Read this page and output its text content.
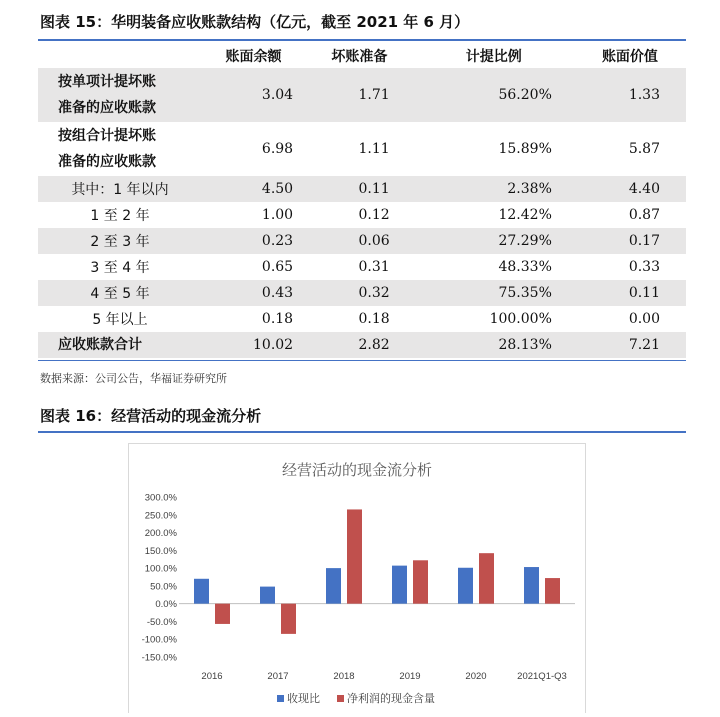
图表 15：华明装备应收账款结构（亿元，截至 2021 年 6 月）
	账面余额	坏账准备	计提比例	账面价值

按单项计提坏账
准备的应收账款	3.04	1.71	56.20%	1.33

按组合计提坏账
准备的应收账款	6.98	1.11	15.89%	5.87
其中：1 年以内	4.50	0.11	2.38%	4.40
1 至 2 年	1.00	0.12	12.42%	0.87
2 至 3 年	0.23	0.06	27.29%	0.17
3 至 4 年	0.65	0.31	48.33%	0.33
4 至 5 年	0.43	0.32	75.35%	0.11
5 年以上	0.18	0.18	100.00%	0.00

应收账款合计	10.02	2.82	28.13%	7.21
数据来源：公司公告，华福证券研究所
图表 16：经营活动的现金流分析
经营活动的现金流分析
-150.0%
-100.0%
-50.0%
0.0%
50.0%
100.0%
150.0%
200.0%
250.0%
300.0%
2016	2017	2018	2019	2020	2021Q1-Q3
收现比 净利润的现金含量
